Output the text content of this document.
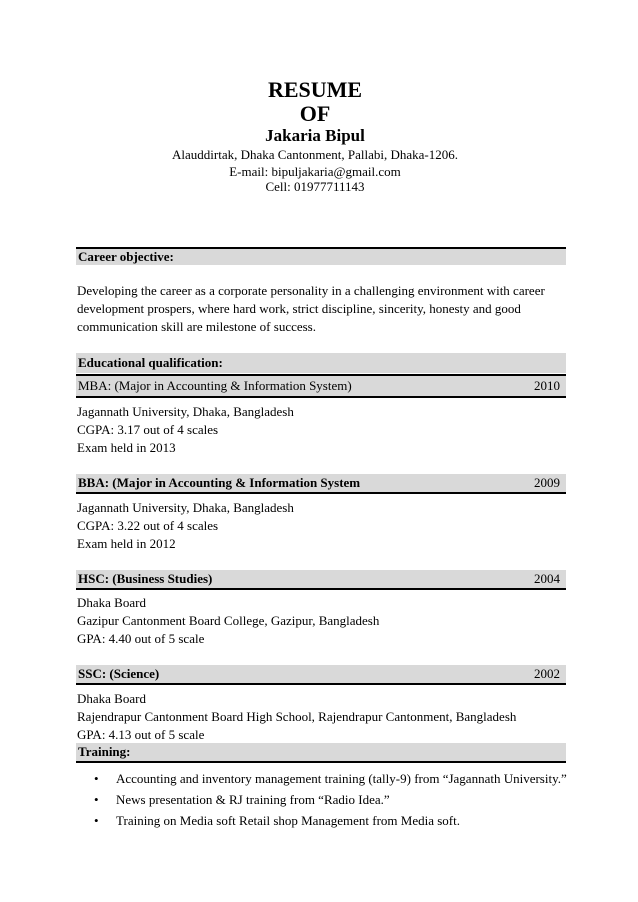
RESUME
OF
Jakaria Bipul
Alauddirtak, Dhaka Cantonment, Pallabi, Dhaka-1206.
E-mail: bipuljakaria@gmail.com
Cell: 01977711143
Career objective:
Developing the career as a corporate personality in a challenging environment with career
development prospers, where hard work, strict discipline, sincerity, honesty and good
communication skill are milestone of success.
Educational qualification:
MBA: (Major in Accounting & Information System)	2010
Jagannath University, Dhaka, Bangladesh
CGPA: 3.17 out of 4 scales
Exam held in 2013
BBA: (Major in Accounting & Information System	2009
Jagannath University, Dhaka, Bangladesh
CGPA: 3.22 out of 4 scales
Exam held in 2012
HSC: (Business Studies)	2004
Dhaka Board
Gazipur Cantonment Board College, Gazipur, Bangladesh
GPA: 4.40 out of 5 scale
SSC: (Science)	2002
Dhaka Board
Rajendrapur Cantonment Board High School, Rajendrapur Cantonment, Bangladesh
GPA: 4.13 out of 5 scale
Training:
•	Accounting and inventory management training (tally-9) from “Jagannath University.”
•	News presentation & RJ training from “Radio Idea.”
•	Training on Media soft Retail shop Management from Media soft.
